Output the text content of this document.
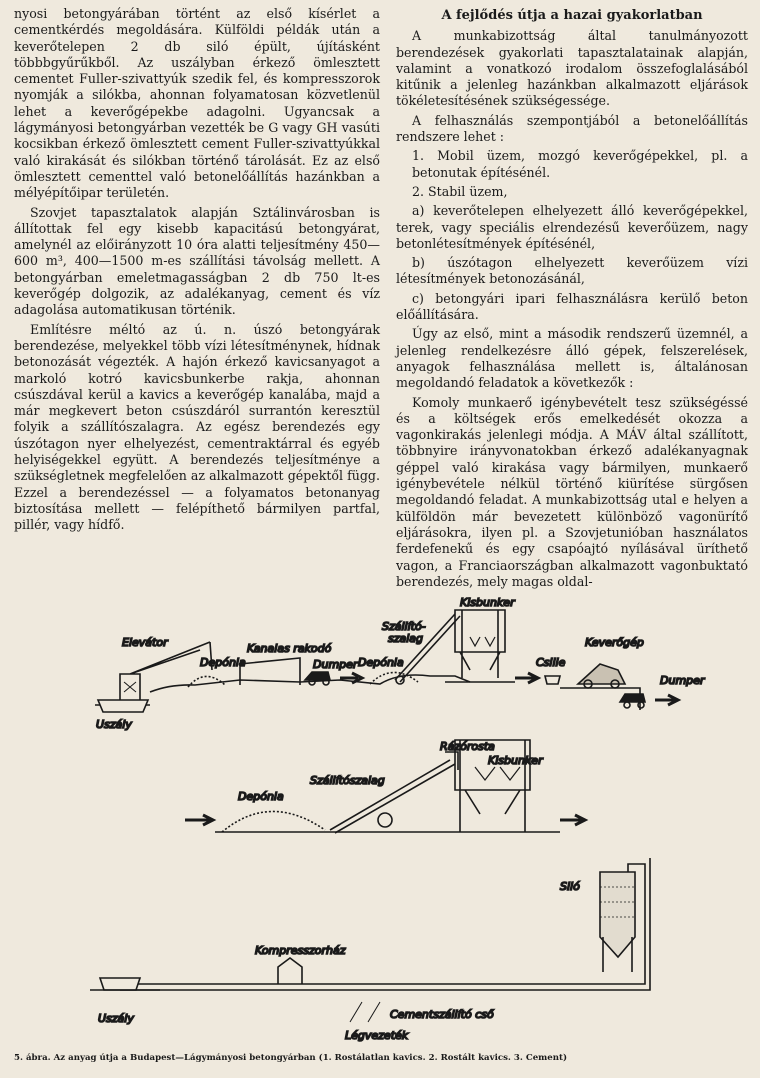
nyosi betongyárában történt az első kísérlet a cementkérdés megoldására. Külföldi példák után a keverőtelepen 2 db siló épült, újításként többbgyűrűkből. Az uszályban érkező ömlesztett cementet Fuller-szivattyúk szedik fel, és kompresszorok nyomják a silókba, ahonnan folyamatosan közvetlenül lehet a keverőgépekbe adagolni. Ugyancsak a lágymányosi betongyárban vezették be G vagy GH vasúti kocsikban érkező ömlesztett cement Fuller-szivattyúkkal való kirakását és silókban történő tárolását. Ez az első ömlesztett cementtel való betonelőállítás hazánkban a mélyépítőipar területén.

Szovjet tapasztalatok alapján Sztálinvárosban is állítottak fel egy kisebb kapacitású betongyárat, amelynél az előirányzott 10 óra alatti teljesítmény 450—600 m³, 400—1500 m-es szállítási távolság mellett. A betongyárban emeletmagasságban 2 db 750 lt-es keverőgép dolgozik, az adalékanyag, cement és víz adagolása automatikusan történik.

Említésre méltó az ú. n. úszó betongyárak berendezése, melyekkel több vízi létesítménynek, hídnak betonozását végezték. A hajón érkező kavicsanyagot a markoló kotró kavicsbunkerbe rakja, ahonnan csúszdával kerül a kavics a keverőgép kanalába, majd a már megkevert beton csúszdáról surrantón keresztül folyik a szállítószalagra. Az egész berendezés egy úszótagon nyer elhelyezést, cementraktárral és egyéb helyiségekkel együtt. A berendezés teljesítménye a szükségletnek megfelelően az alkalmazott gépektől függ. Ezzel a berendezéssel — a folyamatos betonanyag biztosítása mellett — felépíthető bármilyen partfal, pillér, vagy hídfő.

A fejlődés útja a hazai gyakorlatban

A munkabizottság által tanulmányozott berendezések gyakorlati tapasztalatainak alapján, valamint a vonatkozó irodalom összefoglalásából kitűnik a jelenleg hazánkban alkalmazott eljárások tökéletesítésének szükségessége.

A felhasználás szempontjából a betonelőállítás rendszere lehet :

1. Mobil üzem, mozgó keverőgépekkel, pl. a betonutak építésénél.

2. Stabil üzem,

a) keverőtelepen elhelyezett álló keverőgépekkel, terek, vagy speciális elrendezésű keverőüzem, nagy betonlétesítmények építésénél,

b) úszótagon elhelyezett keverőüzem vízi létesítmények betonozásánál,

c) betongyári ipari felhasználásra kerülő beton előállítására.

Úgy az első, mint a második rendszerű üzemnél, a jelenleg rendelkezésre álló gépek, felszerelések, anyagok felhasználása mellett is, általánosan megoldandó feladatok a következők :

Komoly munkaerő igénybevételt tesz szükségéssé és a költségek erős emelkedését okozza a vagonkirakás jelenlegi módja. A MÁV által szállított, többnyire irányvonatokban érkező adalékanyagnak géppel való kirakása vagy bármilyen, munkaerő igénybevétele nélkül történő kiürítése sürgősen megoldandó feladat. A munkabizottság utal e helyen a külföldön már bevezetett különböző vagonürítő eljárásokra, ilyen pl. a Szovjetunióban használatos ferdefenekű és egy csapóajtó nyílásával üríthető vagon, a Franciaországban alkalmazott vagonbuktató berendezés, mely magas oldal-

Elevátor
Depónia
Kanalas rakodó
Dumper Depónia
Szállító-
szalag
Kisbunker
Csille
Keverőgép
Dumper
Uszály
Depónia
Szállítószalag
Rázórosta
Kisbunker
Siló
Kompresszorház
Uszály	Cementszállító cső
Légvezeték
5. ábra. Az anyag útja a Budapest—Lágymányosi betongyárban (1. Rostálatlan kavics. 2. Rostált kavics. 3. Cement)
